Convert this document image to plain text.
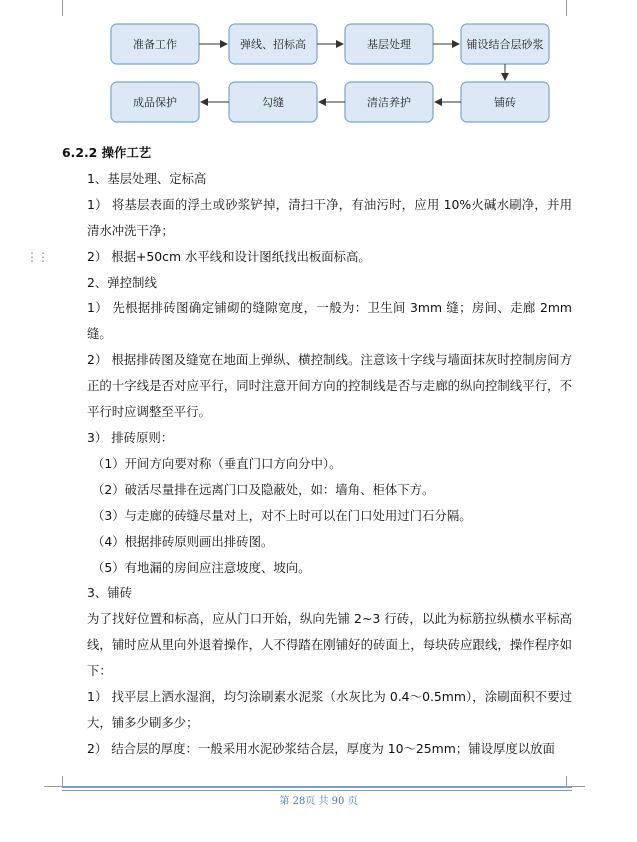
准备工作	弹线、招标高	基层处理	铺设结合层砂浆
铺砖
清洁养护
勾缝
成品保护
⋮⋮

6.2.2 操作工艺

1、基层处理、定标高

1） 将基层表面的浮土或砂浆铲掉，清扫干净，有油污时，应用 10%火碱水刷净，并用清水冲洗干净；

2） 根据+50cm 水平线和设计图纸找出板面标高。

2、弹控制线

1） 先根据排砖图确定铺砌的缝隙宽度，一般为：卫生间 3mm 缝；房间、走廊 2mm 缝。

2） 根据排砖图及缝宽在地面上弹纵、横控制线。注意该十字线与墙面抹灰时控制房间方正的十字线是否对应平行，同时注意开间方向的控制线是否与走廊的纵向控制线平行，不平行时应调整至平行。

3） 排砖原则：

（1）开间方向要对称（垂直门口方向分中）。

（2）破活尽量排在远离门口及隐蔽处，如：墙角、柜体下方。

（3）与走廊的砖缝尽量对上，对不上时可以在门口处用过门石分隔。

（4）根据排砖原则画出排砖图。

（5）有地漏的房间应注意坡度、坡向。

3、铺砖

为了找好位置和标高，应从门口开始，纵向先铺 2~3 行砖，以此为标筋拉纵横水平标高线，铺时应从里向外退着操作，人不得踏在刚铺好的砖面上，每块砖应跟线，操作程序如下：

1） 找平层上洒水湿润，均匀涂刷素水泥浆（水灰比为 0.4～0.5mm），涂刷面积不要过大，铺多少刷多少；

2） 结合层的厚度：一般采用水泥砂浆结合层，厚度为 10～25mm；铺设厚度以放面

第 28页 共 90 页
